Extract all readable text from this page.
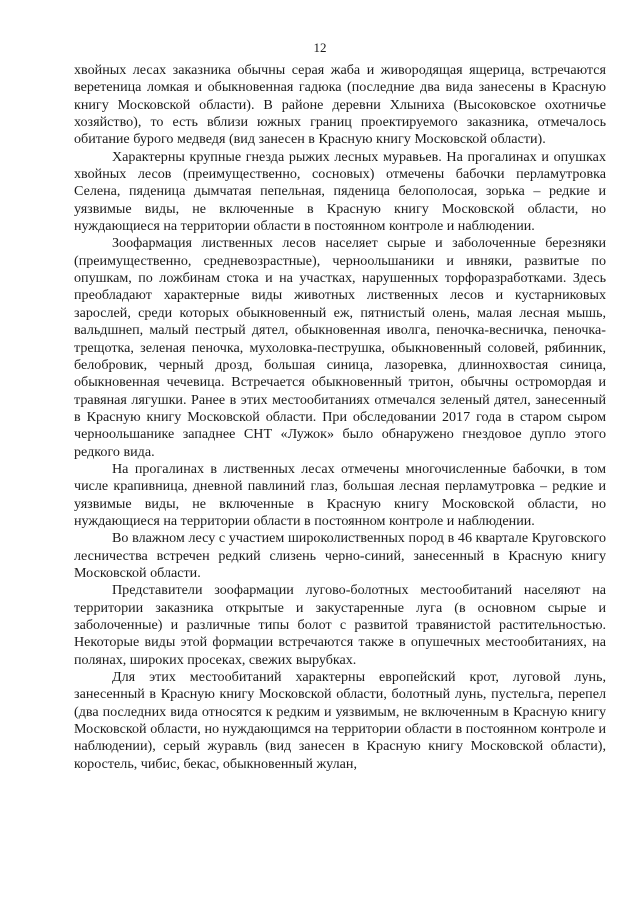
12

хвойных лесах заказника обычны серая жаба и живородящая ящерица, встречаются веретеница ломкая и обыкновенная гадюка (последние два вида занесены в Красную книгу Московской области). В районе деревни Хлыниха (Высоковское охотничье хозяйство), то есть вблизи южных границ проектируемого заказника, отмечалось обитание бурого медведя (вид занесен в Красную книгу Московской области).

Характерны крупные гнезда рыжих лесных муравьев. На прогалинах и опушках хвойных лесов (преимущественно, сосновых) отмечены бабочки перламутровка Селена, пяденица дымчатая пепельная, пяденица белополосая, зорька – редкие и уязвимые виды, не включенные в Красную книгу Московской области, но нуждающиеся на территории области в постоянном контроле и наблюдении.

Зоофармация лиственных лесов населяет сырые и заболоченные березняки (преимущественно, средневозрастные), черноольшаники и ивняки, развитые по опушкам, по ложбинам стока и на участках, нарушенных торфоразработками. Здесь преобладают характерные виды животных лиственных лесов и кустарниковых зарослей, среди которых обыкновенный еж, пятнистый олень, малая лесная мышь, вальдшнеп, малый пестрый дятел, обыкновенная иволга, пеночка-весничка, пеночка-трещотка, зеленая пеночка, мухоловка-пеструшка, обыкновенный соловей, рябинник, белобровик, черный дрозд, большая синица, лазоревка, длиннохвостая синица, обыкновенная чечевица. Встречается обыкновенный тритон, обычны остромордая и травяная лягушки. Ранее в этих местообитаниях отмечался зеленый дятел, занесенный в Красную книгу Московской области. При обследовании 2017 года в старом сыром черноольшанике западнее СНТ «Лужок» было обнаружено гнездовое дупло этого редкого вида.

На прогалинах в лиственных лесах отмечены многочисленные бабочки, в том числе крапивница, дневной павлиний глаз, большая лесная перламутровка – редкие и уязвимые виды, не включенные в Красную книгу Московской области, но нуждающиеся на территории области в постоянном контроле и наблюдении.

Во влажном лесу с участием широколиственных пород в 46 квартале Круговского лесничества встречен редкий слизень черно-синий, занесенный в Красную книгу Московской области.

Представители зоофармации лугово-болотных местообитаний населяют на территории заказника открытые и закустаренные луга (в основном сырые и заболоченные) и различные типы болот с развитой травянистой растительностью. Некоторые виды этой формации встречаются также в опушечных местообитаниях, на полянах, широких просеках, свежих вырубках.

Для этих местообитаний характерны европейский крот, луговой лунь, занесенный в Красную книгу Московской области, болотный лунь, пустельга, перепел (два последних вида относятся к редким и уязвимым, не включенным в Красную книгу Московской области, но нуждающимся на территории области в постоянном контроле и наблюдении), серый журавль (вид занесен в Красную книгу Московской области), коростель, чибис, бекас, обыкновенный жулан,
